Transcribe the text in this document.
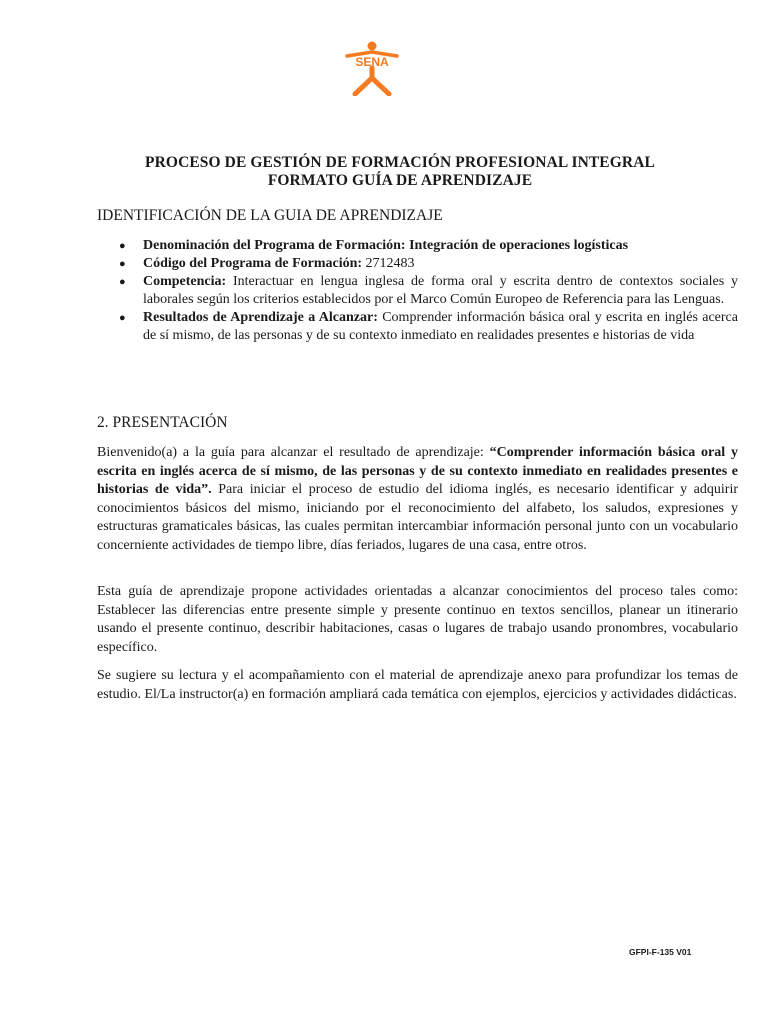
SENA
PROCESO DE GESTIÓN DE FORMACIÓN PROFESIONAL INTEGRAL
FORMATO GUÍA DE APRENDIZAJE
IDENTIFICACIÓN DE LA GUIA DE APRENDIZAJE
● Denominación del Programa de Formación: Integración de operaciones logísticas
● Código del Programa de Formación: 2712483
● Competencia: Interactuar en lengua inglesa de forma oral y escrita dentro de contextos sociales y laborales según los criterios establecidos por el Marco Común Europeo de Referencia para las Lenguas.
● Resultados de Aprendizaje a Alcanzar: Comprender información básica oral y escrita en inglés acerca de sí mismo, de las personas y de su contexto inmediato en realidades presentes e historias de vida
2. PRESENTACIÓN

Bienvenido(a) a la guía para alcanzar el resultado de aprendizaje: “Comprender información básica oral y escrita en inglés acerca de sí mismo, de las personas y de su contexto inmediato en realidades presentes e historias de vida”. Para iniciar el proceso de estudio del idioma inglés, es necesario identificar y adquirir conocimientos básicos del mismo, iniciando por el reconocimiento del alfabeto, los saludos, expresiones y estructuras gramaticales básicas, las cuales permitan intercambiar información personal junto con un vocabulario concerniente actividades de tiempo libre, días feriados, lugares de una casa, entre otros.

Esta guía de aprendizaje propone actividades orientadas a alcanzar conocimientos del proceso tales como: Establecer las diferencias entre presente simple y presente continuo en textos sencillos, planear un itinerario usando el presente continuo, describir habitaciones, casas o lugares de trabajo usando pronombres, vocabulario específico.

Se sugiere su lectura y el acompañamiento con el material de aprendizaje anexo para profundizar los temas de estudio. El/La instructor(a) en formación ampliará cada temática con ejemplos, ejercicios y actividades didácticas.

GFPI-F-135 V01
